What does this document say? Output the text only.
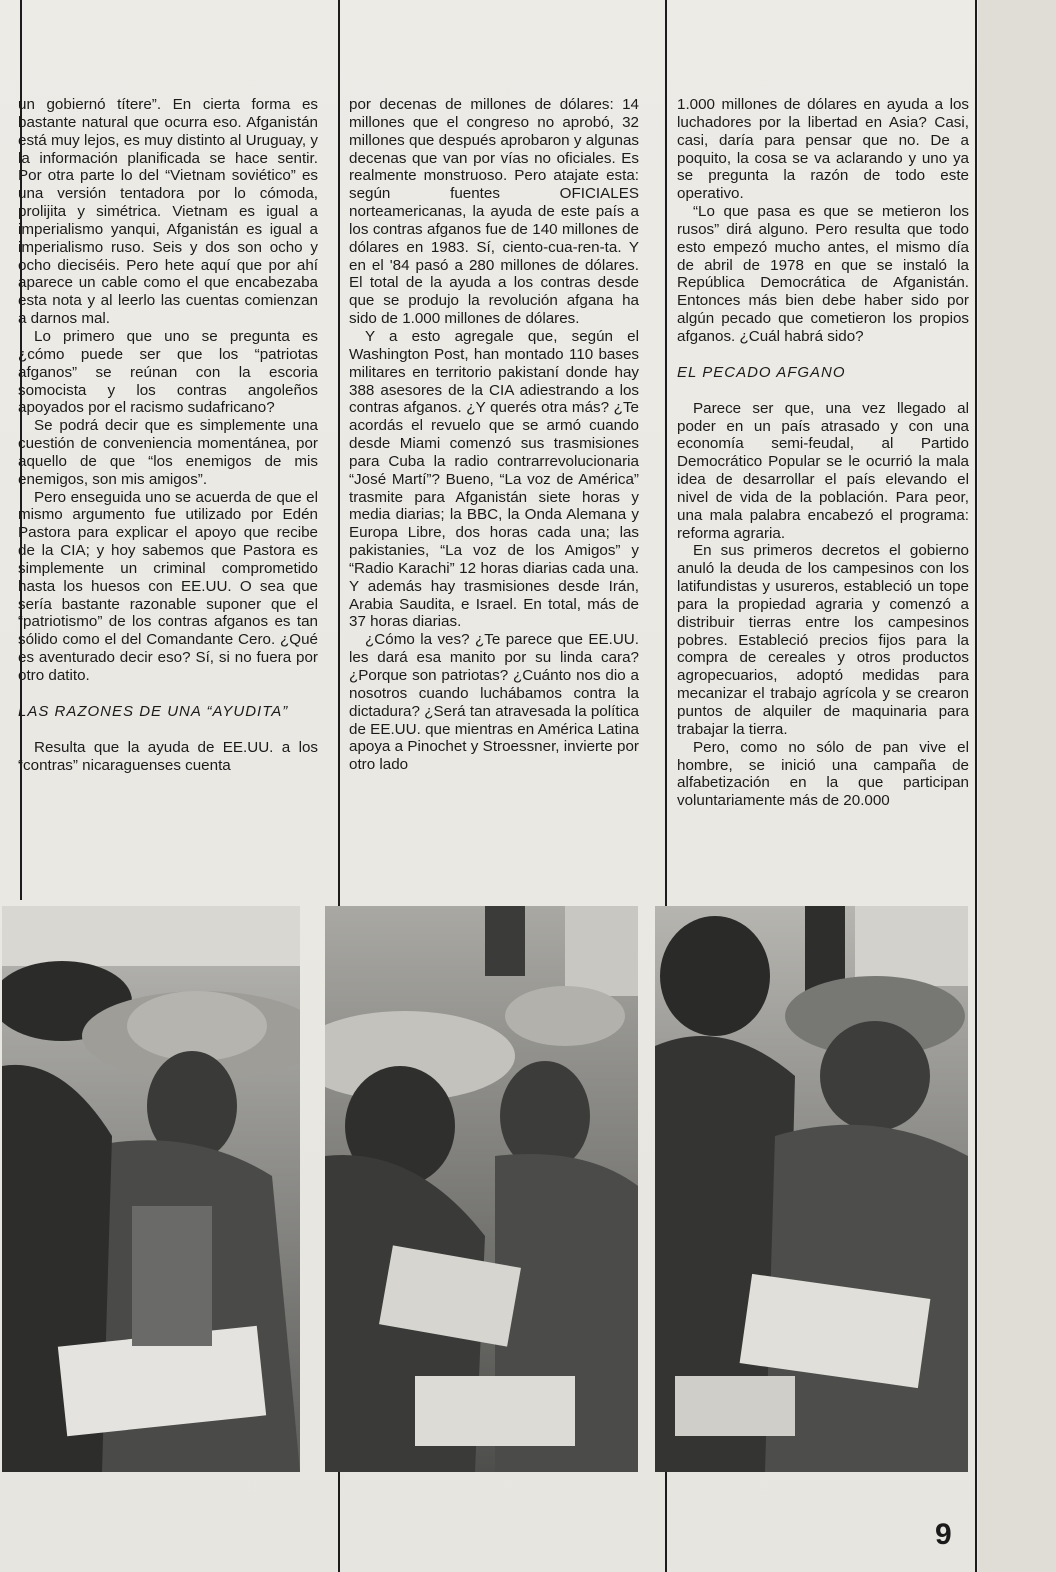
un gobiernó títere”. En cierta forma es bastante natural que ocurra eso. Afganistán está muy lejos, es muy distinto al Uruguay, y la información planificada se hace sentir. Por otra parte lo del “Vietnam soviético” es una versión tentadora por lo cómoda, prolijita y simétrica. Vietnam es igual a imperialismo yanqui, Afganistán es igual a imperialismo ruso. Seis y dos son ocho y ocho dieciséis. Pero hete aquí que por ahí aparece un cable como el que encabezaba esta nota y al leerlo las cuentas comienzan a darnos mal.

Lo primero que uno se pregunta es ¿cómo puede ser que los “patriotas afganos” se reúnan con la escoria somocista y los contras angoleños apoyados por el racismo sudafricano?

Se podrá decir que es simplemente una cuestión de conveniencia momentánea, por aquello de que “los enemigos de mis enemigos, son mis amigos”.

Pero enseguida uno se acuerda de que el mismo argumento fue utilizado por Edén Pastora para explicar el apoyo que recibe de la CIA; y hoy sabemos que Pastora es simplemente un criminal comprometido hasta los huesos con EE.UU. O sea que sería bastante razonable suponer que el “patriotismo” de los contras afganos es tan sólido como el del Comandante Cero. ¿Qué es aventurado decir eso? Sí, si no fuera por otro datito.

LAS RAZONES DE UNA “AYUDITA”

Resulta que la ayuda de EE.UU. a los “contras” nicaraguenses cuenta

por decenas de millones de dólares: 14 millones que el congreso no aprobó, 32 millones que después aprobaron y algunas decenas que van por vías no oficiales. Es realmente monstruoso. Pero atajate esta: según fuentes OFICIALES norteamericanas, la ayuda de este país a los contras afganos fue de 140 millones de dólares en 1983. Sí, ciento-cua-ren-ta. Y en el '84 pasó a 280 millones de dólares. El total de la ayuda a los contras desde que se produjo la revolución afgana ha sido de 1.000 millones de dólares.

Y a esto agregale que, según el Washington Post, han montado 110 bases militares en territorio pakistaní donde hay 388 asesores de la CIA adiestrando a los contras afganos. ¿Y querés otra más? ¿Te acordás el revuelo que se armó cuando desde Miami comenzó sus trasmisiones para Cuba la radio contrarrevolucionaria “José Martí”? Bueno, “La voz de América” trasmite para Afganistán siete horas y media diarias; la BBC, la Onda Alemana y Europa Libre, dos horas cada una; las pakistanies, “La voz de los Amigos” y “Radio Karachi” 12 horas diarias cada una. Y además hay trasmisiones desde Irán, Arabia Saudita, e Israel. En total, más de 37 horas diarias.

¿Cómo la ves? ¿Te parece que EE.UU. les dará esa manito por su linda cara? ¿Porque son patriotas? ¿Cuánto nos dio a nosotros cuando luchábamos contra la dictadura? ¿Será tan atravesada la política de EE.UU. que mientras en América Latina apoya a Pinochet y Stroessner, invierte por otro lado

1.000 millones de dólares en ayuda a los luchadores por la libertad en Asia? Casi, casi, daría para pensar que no. De a poquito, la cosa se va aclarando y uno ya se pregunta la razón de todo este operativo.

“Lo que pasa es que se metieron los rusos” dirá alguno. Pero resulta que todo esto empezó mucho antes, el mismo día de abril de 1978 en que se instaló la República Democrática de Afganistán. Entonces más bien debe haber sido por algún pecado que cometieron los propios afganos. ¿Cuál habrá sido?

EL PECADO AFGANO

Parece ser que, una vez llegado al poder en un país atrasado y con una economía semi-feudal, al Partido Democrático Popular se le ocurrió la mala idea de desarrollar el país elevando el nivel de vida de la población. Para peor, una mala palabra encabezó el programa: reforma agraria.

En sus primeros decretos el gobierno anuló la deuda de los campesinos con los latifundistas y usureros, estableció un tope para la propiedad agraria y comenzó a distribuir tierras entre los campesinos pobres. Estableció precios fijos para la compra de cereales y otros productos agropecuarios, adoptó medidas para mecanizar el trabajo agrícola y se crearon puntos de alquiler de maquinaria para trabajar la tierra.

Pero, como no sólo de pan vive el hombre, se inició una campaña de alfabetización en la que participan voluntariamente más de 20.000

9
